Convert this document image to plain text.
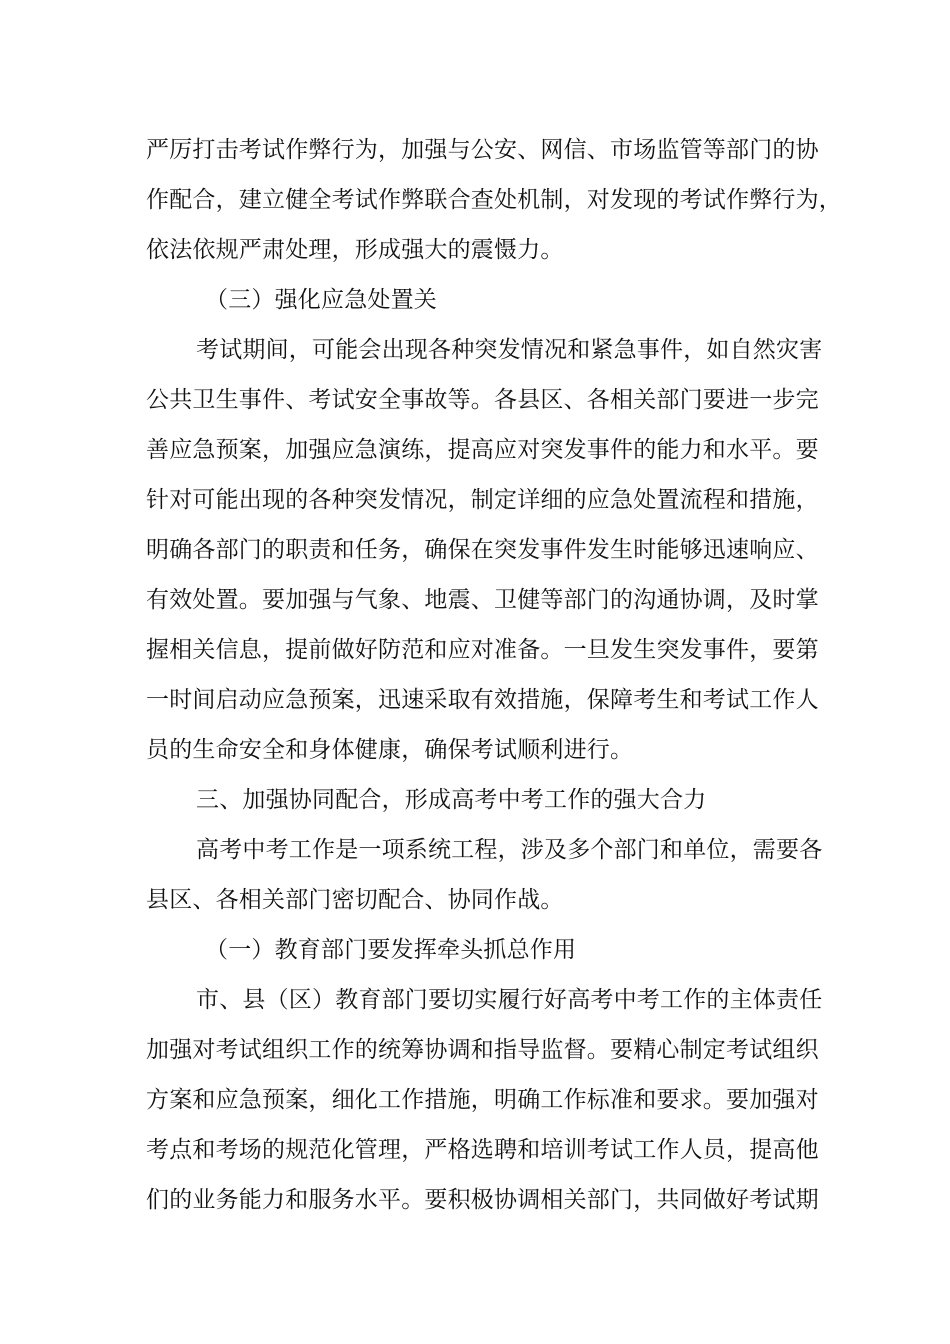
严厉打击考试作弊行为，加强与公安、网信、市场监管等部门的协
作配合，建立健全考试作弊联合查处机制，对发现的考试作弊行为，
依法依规严肃处理，形成强大的震慑力。
（三）强化应急处置关
考试期间，可能会出现各种突发情况和紧急事件，如自然灾害
公共卫生事件、考试安全事故等。各县区、各相关部门要进一步完
善应急预案，加强应急演练，提高应对突发事件的能力和水平。要
针对可能出现的各种突发情况，制定详细的应急处置流程和措施，
明确各部门的职责和任务，确保在突发事件发生时能够迅速响应、
有效处置。要加强与气象、地震、卫健等部门的沟通协调，及时掌
握相关信息，提前做好防范和应对准备。一旦发生突发事件，要第
一时间启动应急预案，迅速采取有效措施，保障考生和考试工作人
员的生命安全和身体健康，确保考试顺利进行。
三、加强协同配合，形成高考中考工作的强大合力
高考中考工作是一项系统工程，涉及多个部门和单位，需要各
县区、各相关部门密切配合、协同作战。
（一）教育部门要发挥牵头抓总作用
市、县（区）教育部门要切实履行好高考中考工作的主体责任
加强对考试组织工作的统筹协调和指导监督。要精心制定考试组织
方案和应急预案，细化工作措施，明确工作标准和要求。要加强对
考点和考场的规范化管理，严格选聘和培训考试工作人员，提高他
们的业务能力和服务水平。要积极协调相关部门，共同做好考试期
